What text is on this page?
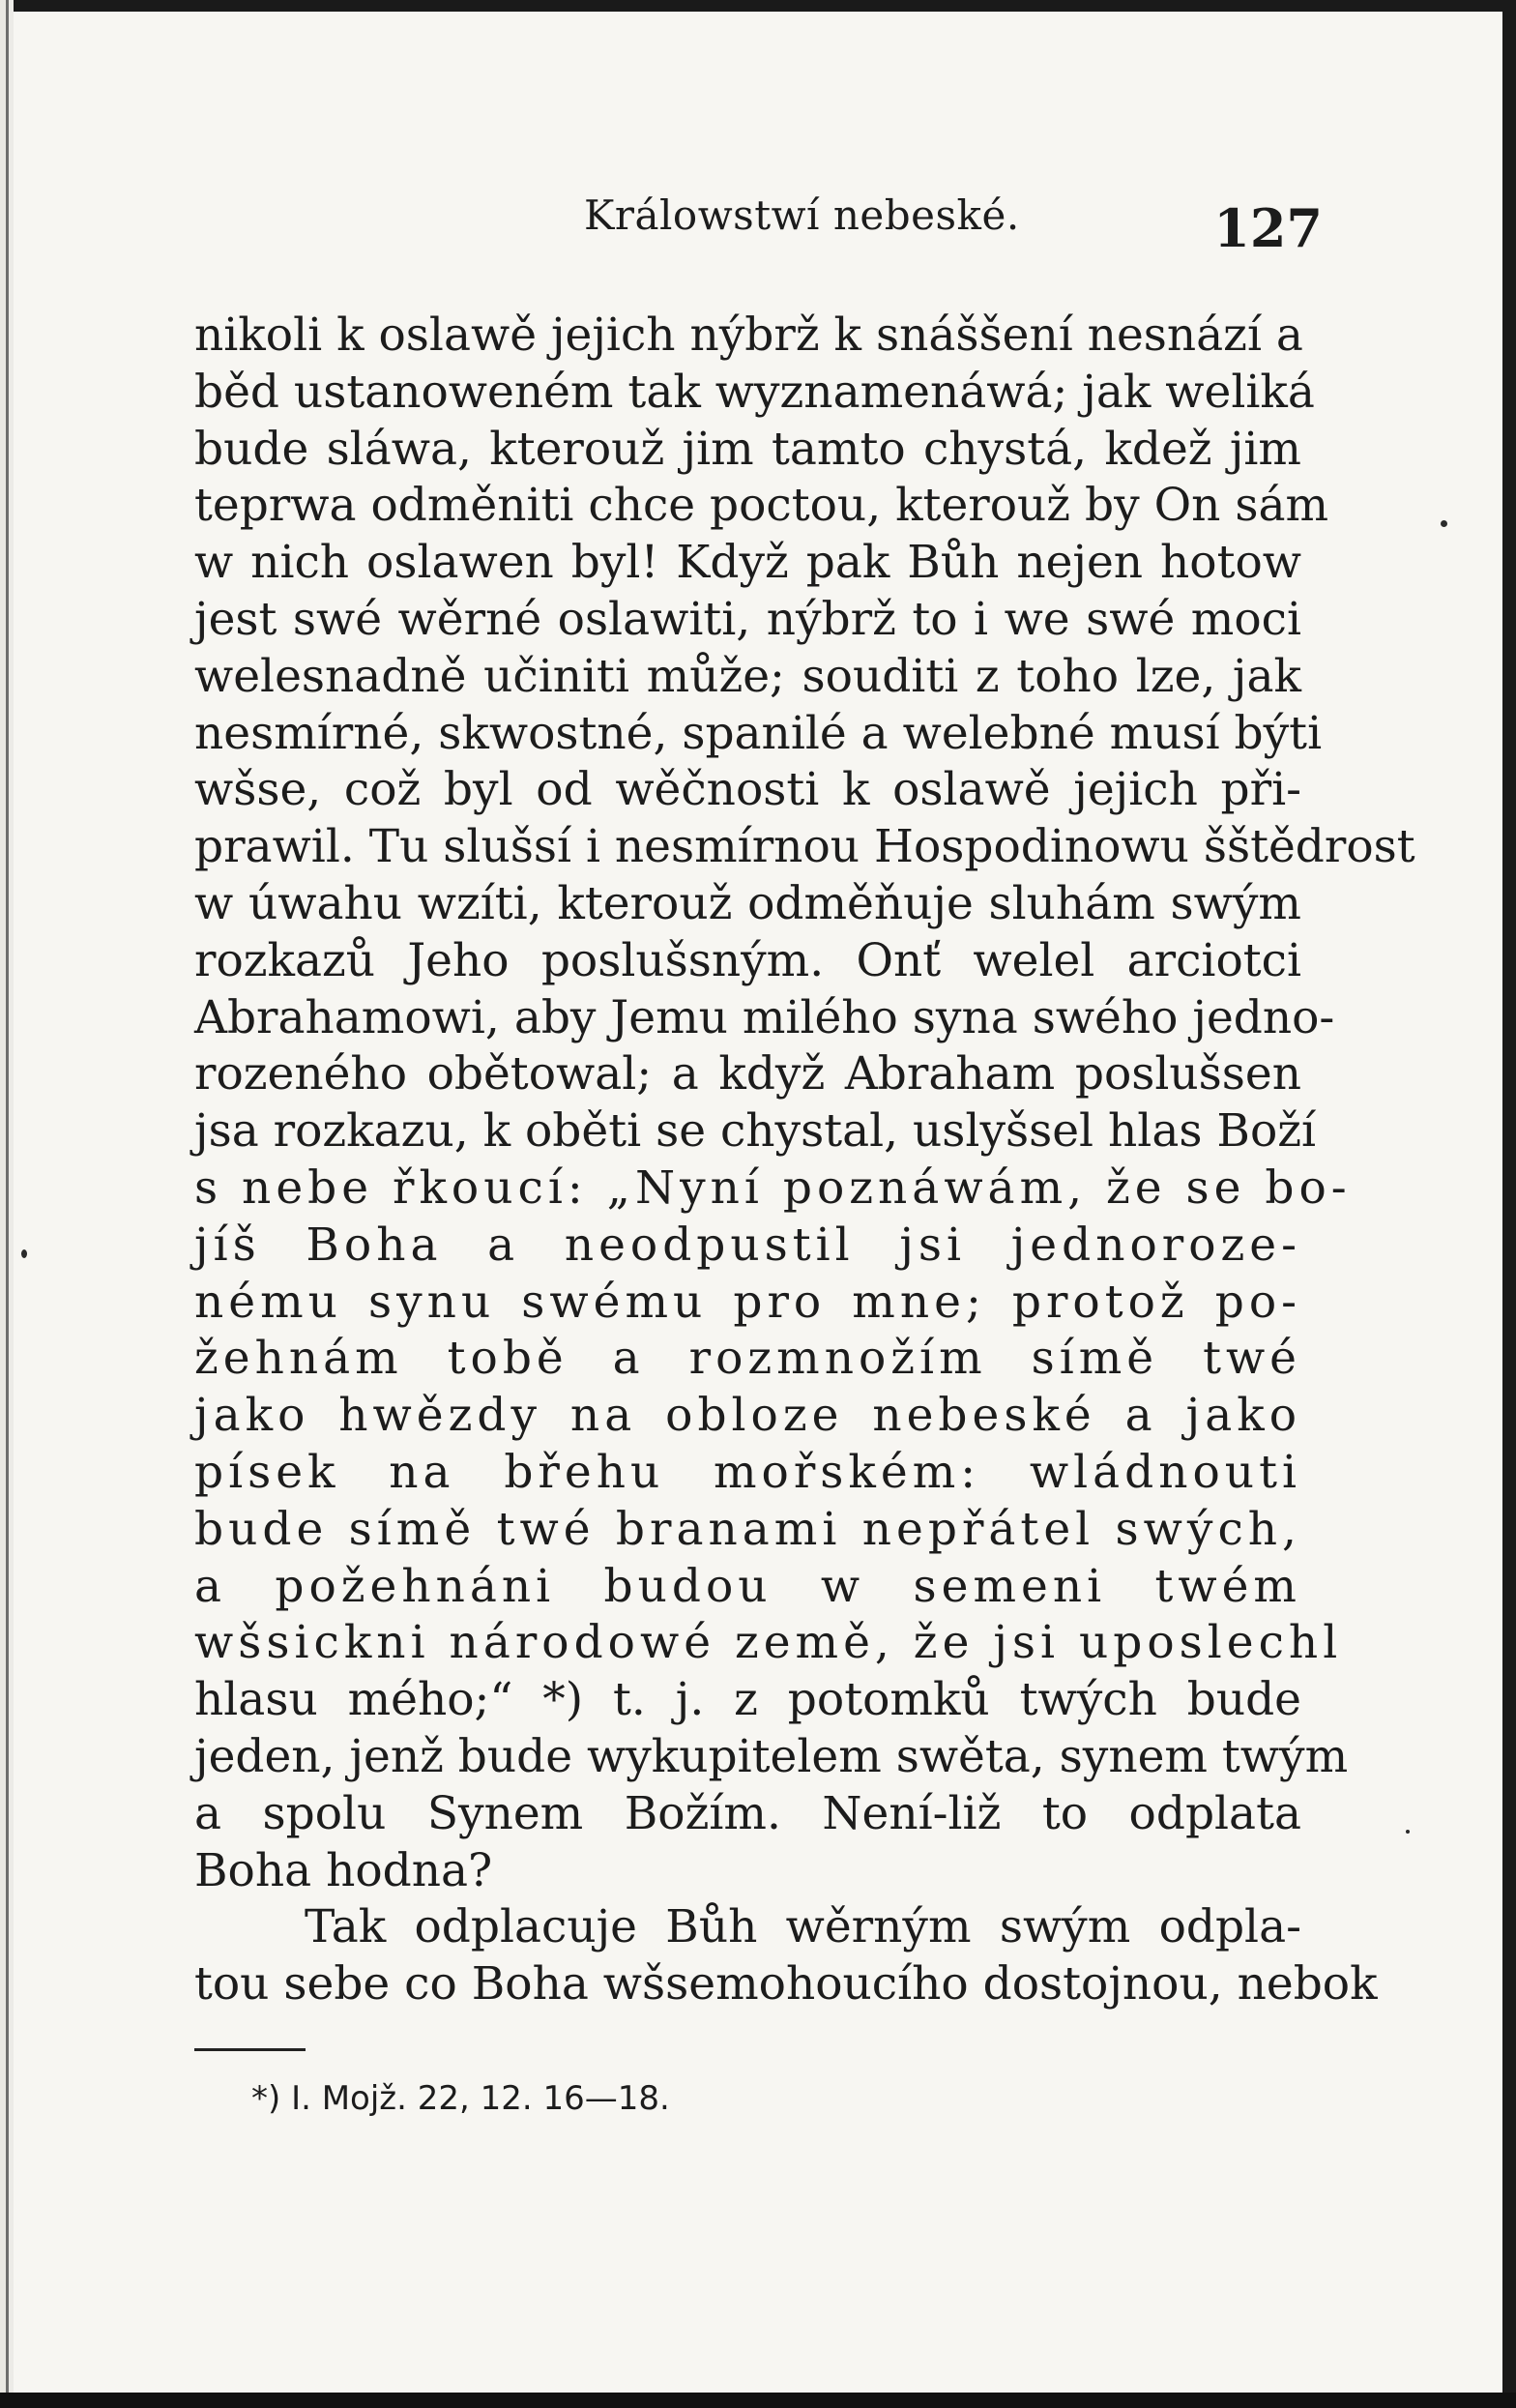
Králowstwí nebeské.	127
nikoli k oslawě jejich nýbrž k snáššení nesnází a
běd ustanoweném tak wyznamenáwá; jak weliká
bude sláwa, kterouž jim tamto chystá, kdež jim
teprwa odměniti chce poctou, kterouž by On sám
w nich oslawen byl! Když pak Bůh nejen hotow
jest swé wěrné oslawiti, nýbrž to i we swé moci
welesnadně učiniti může; souditi z toho lze, jak
nesmírné, skwostné, spanilé a welebné musí býti
wšse, což byl od wěčnosti k oslawě jejich při-
prawil. Tu slušsí i nesmírnou Hospodinowu šštědrost
w úwahu wzíti, kterouž odměňuje sluhám swým
rozkazů Jeho poslušsným. Onť welel arciotci
Abrahamowi, aby Jemu milého syna swého jedno-
rozeného obětowal; a když Abraham poslušsen
jsa rozkazu, k oběti se chystal, uslyšsel hlas Boží
s nebe řkoucí: „Nyní poznáwám, že se bo-
jíš Boha a neodpustil jsi jednoroze-
nému synu swému pro mne; protož po-
žehnám tobě a rozmnožím símě twé
jako hwězdy na obloze nebeské a jako
písek na břehu mořském: wládnouti
bude símě twé branami nepřátel swých,
a požehnáni budou w semeni twém
wšsickni národowé země, že jsi uposlechl
hlasu mého;“ *) t. j. z potomků twých bude
jeden, jenž bude wykupitelem swěta, synem twým
a spolu Synem Božím. Není-liž to odplata
Boha hodna?
Tak odplacuje Bůh wěrným swým odpla-
tou sebe co Boha wšsemohoucího dostojnou, nebok
*) I. Mojž. 22, 12. 16—18.
